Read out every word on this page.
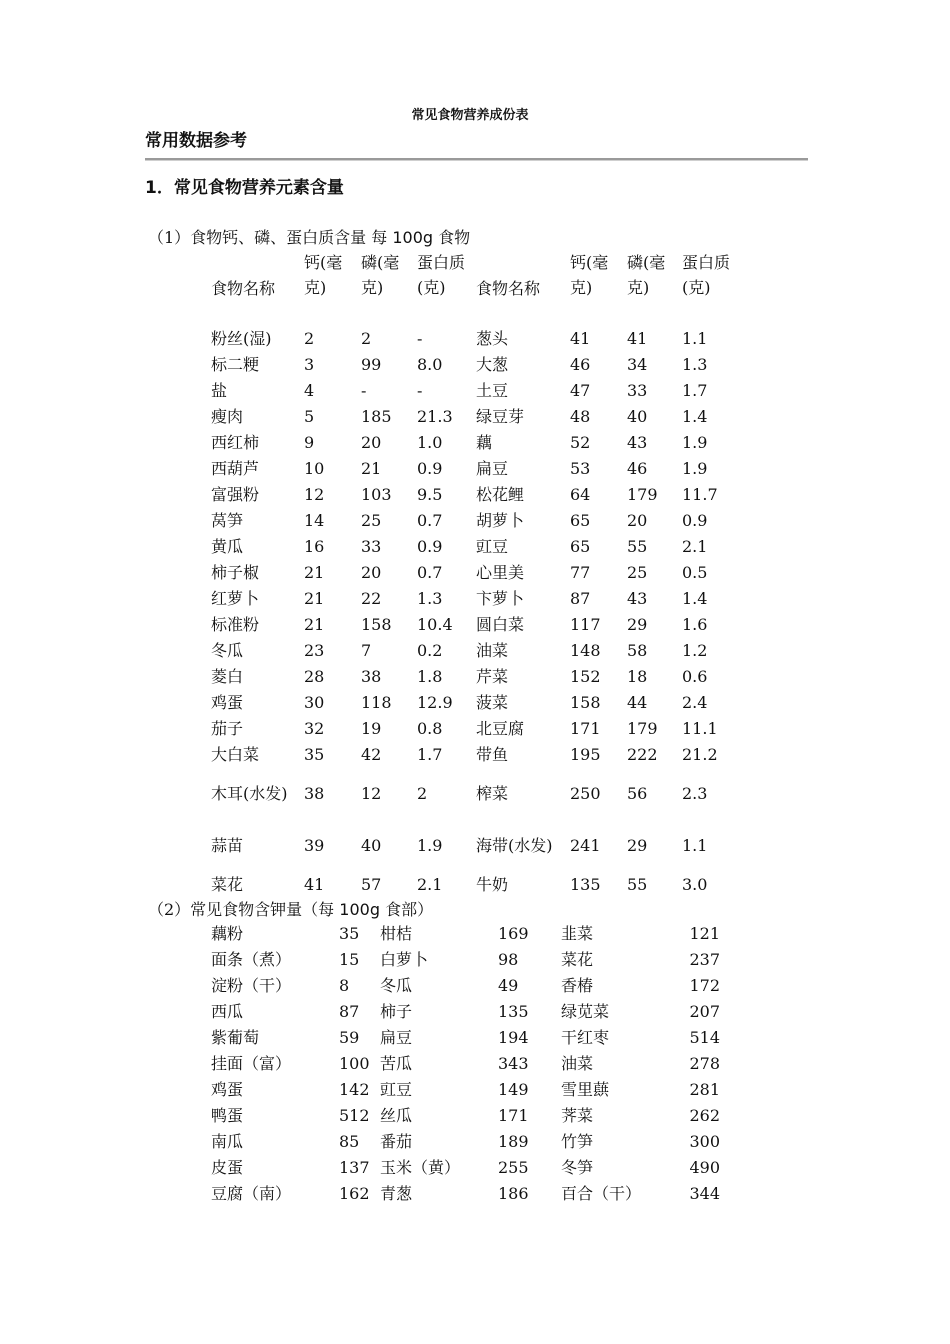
常见食物营养成份表
常用数据参考
1．常见食物营养元素含量
（1）食物钙、磷、蛋白质含量 每 100g 食物
食物名称	钙(毫克)	磷(毫克)	蛋白质(克)	食物名称	钙(毫克)	磷(毫克)	蛋白质(克)
粉丝(湿)	2	2	-	葱头	41	41	1.1
标二粳	3	99	8.0	大葱	46	34	1.3
盐	4	-	-	土豆	47	33	1.7
瘦肉	5	185	21.3	绿豆芽	48	40	1.4
西红柿	9	20	1.0	藕	52	43	1.9
西葫芦	10	21	0.9	扁豆	53	46	1.9
富强粉	12	103	9.5	松花鲤	64	179	11.7
莴笋	14	25	0.7	胡萝卜	65	20	0.9
黄瓜	16	33	0.9	豇豆	65	55	2.1
柿子椒	21	20	0.7	心里美	77	25	0.5
红萝卜	21	22	1.3	卞萝卜	87	43	1.4
标准粉	21	158	10.4	圆白菜	117	29	1.6
冬瓜	23	7	0.2	油菜	148	58	1.2
菱白	28	38	1.8	芹菜	152	18	0.6
鸡蛋	30	118	12.9	菠菜	158	44	2.4
茄子	32	19	0.8	北豆腐	171	179	11.1
大白菜	35	42	1.7	带鱼	195	222	21.2
木耳(水发)	38	12	2	榨菜	250	56	2.3
蒜苗	39	40	1.9	海带(水发)	241	29	1.1
菜花	41	57	2.1	牛奶	135	55	3.0
（2）常见食物含钾量（每 100g 食部）
藕粉	35	柑桔	169	韭菜	121
面条（煮）	15	白萝卜	98	菜花	237
淀粉（干）	8	冬瓜	49	香椿	172
西瓜	87	柿子	135	绿苋菜	207
紫葡萄	59	扁豆	194	干红枣	514
挂面（富）	100	苦瓜	343	油菜	278
鸡蛋	142	豇豆	149	雪里蕻	281
鸭蛋	512	丝瓜	171	荠菜	262
南瓜	85	番茄	189	竹笋	300
皮蛋	137	玉米（黄）	255	冬笋	490
豆腐（南）	162	青葱	186	百合（干）	344
